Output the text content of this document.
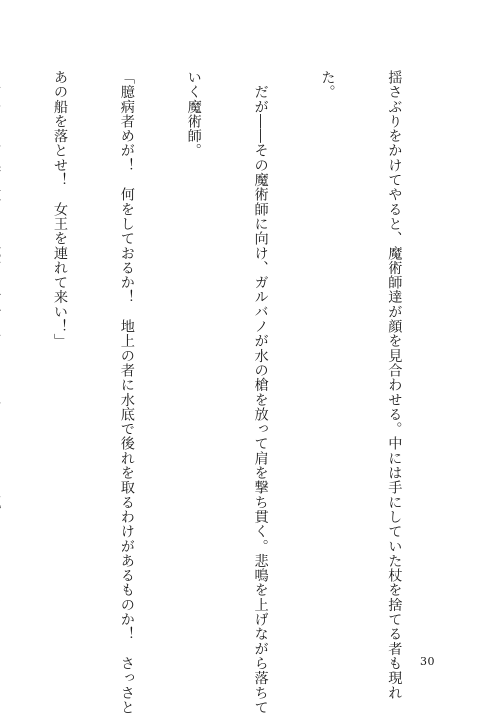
揺さぶりをかけてやると、魔術師達が顔を見合わせる。中には手にしていた杖を捨てる者も現れ

た。

　だが――その魔術師に向け、ガルバノが水の槍を放って肩を撃ち貫く。悲鳴を上げながら落ちて

いく魔術師。

「臆病者めが！　何をしておるか！　地上の者に水底で後れを取るわけがあるものか！　さっさと

あの船を落とせ！　女王を連れて来い！」

30
